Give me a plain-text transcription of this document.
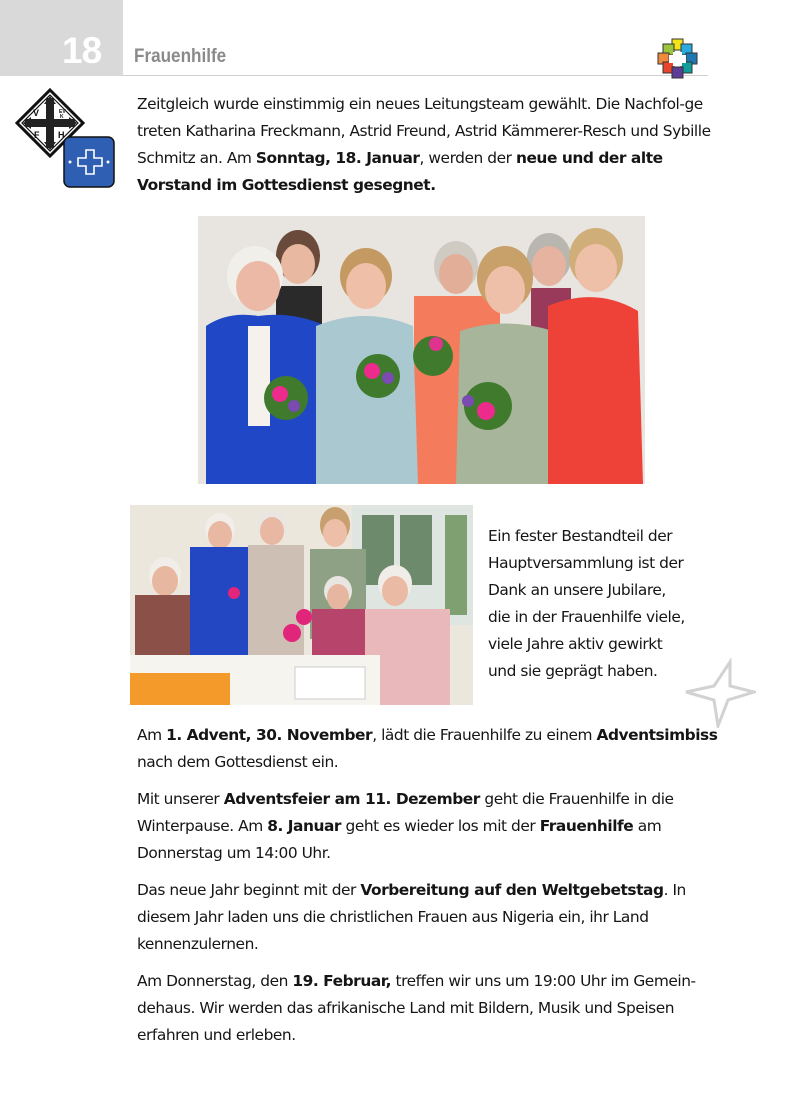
18 Frauenhilfe
V	EV
K
F H
Zeitgleich wurde einstimmig ein neues Leitungsteam gewählt. Die Nachfol-ge treten Katharina Freckmann, Astrid Freund, Astrid Kämmerer-Resch und Sybille Schmitz an. Am Sonntag, 18. Januar, werden der neue und der alte Vorstand im Gottesdienst gesegnet.
Ein fester Bestandteil der
Hauptversammlung ist der
Dank an unsere Jubilare,
die in der Frauenhilfe viele,
viele Jahre aktiv gewirkt
und sie geprägt haben.
Am 1. Advent, 30. November, lädt die Frauenhilfe zu einem Adventsimbiss nach dem Gottesdienst ein.
Mit unserer Adventsfeier am 11. Dezember geht die Frauenhilfe in die Winterpause. Am 8. Januar geht es wieder los mit der Frauenhilfe am Donnerstag um 14:00 Uhr.
Das neue Jahr beginnt mit der Vorbereitung auf den Weltgebetstag. In diesem Jahr laden uns die christlichen Frauen aus Nigeria ein, ihr Land kennenzulernen.
Am Donnerstag, den 19. Februar, treffen wir uns um 19:00 Uhr im Gemein-dehaus. Wir werden das afrikanische Land mit Bildern, Musik und Speisen erfahren und erleben.
